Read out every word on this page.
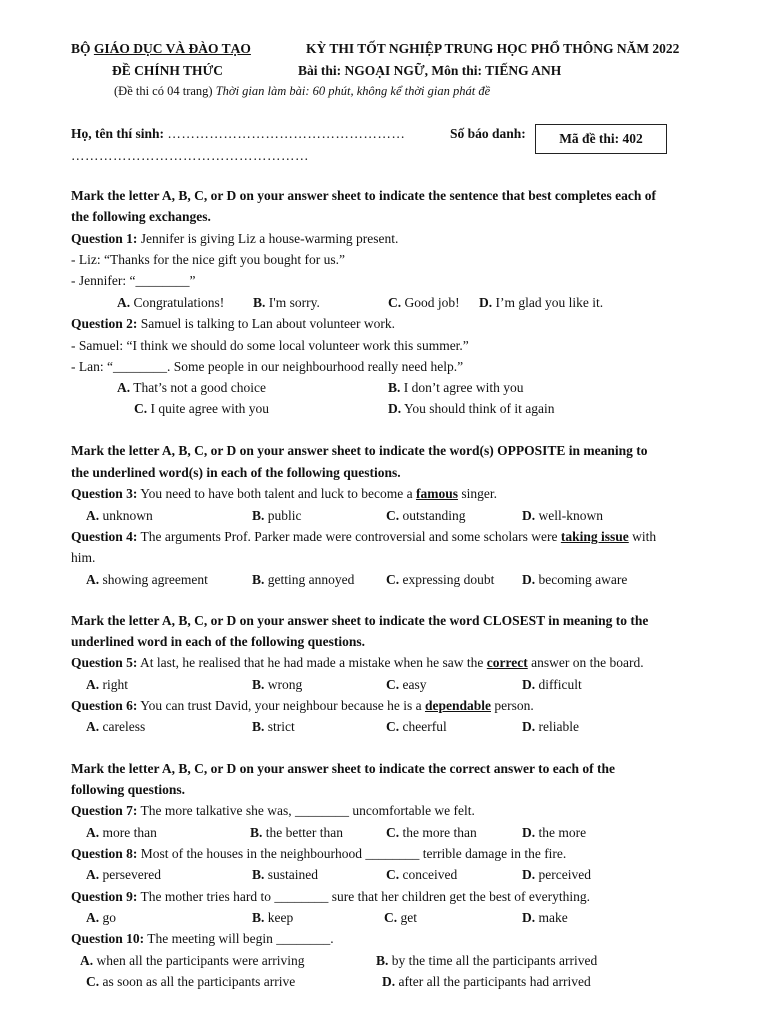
BỘ GIÁO DỤC VÀ ĐÀO TẠO	KỲ THI TỐT NGHIỆP TRUNG HỌC PHỔ THÔNG NĂM 2022
ĐỀ CHÍNH THỨC	Bài thi: NGOẠI NGỮ, Môn thi: TIẾNG ANH
(Đề thi có 04 trang) Thời gian làm bài: 60 phút, không kể thời gian phát đề
Họ, tên thí sinh: ……………………………………………	Số báo danh:	Mã đề thi: 402
……………………………………………
Mark the letter A, B, C, or D on your answer sheet to indicate the sentence that best completes each of
the following exchanges.
Question 1: Jennifer is giving Liz a house-warming present.
- Liz: “Thanks for the nice gift you bought for us.”
- Jennifer: “________”
A. Congratulations! B. I'm sorry.	C. Good job! D. I’m glad you like it.
Question 2: Samuel is talking to Lan about volunteer work.
- Samuel: “I think we should do some local volunteer work this summer.”
- Lan: “________. Some people in our neighbourhood really need help.”
A. That’s not a good choice	B. I don’t agree with you
C. I quite agree with you	D. You should think of it again
Mark the letter A, B, C, or D on your answer sheet to indicate the word(s) OPPOSITE in meaning to
the underlined word(s) in each of the following questions.
Question 3: You need to have both talent and luck to become a famous singer.
A. unknown	B. public	C. outstanding	D. well-known
Question 4: The arguments Prof. Parker made were controversial and some scholars were taking issue with
him.
A. showing agreement	B. getting annoyed C. expressing doubt D. becoming aware
Mark the letter A, B, C, or D on your answer sheet to indicate the word CLOSEST in meaning to the
underlined word in each of the following questions.
Question 5: At last, he realised that he had made a mistake when he saw the correct answer on the board.
A. right	B. wrong	C. easy	D. difficult
Question 6: You can trust David, your neighbour because he is a dependable person.
A. careless	B. strict	C. cheerful	D. reliable
Mark the letter A, B, C, or D on your answer sheet to indicate the correct answer to each of the
following questions.
Question 7: The more talkative she was, ________ uncomfortable we felt.
A. more than	B. the better than	C. the more than	D. the more
Question 8: Most of the houses in the neighbourhood ________ terrible damage in the fire.
A. persevered	B. sustained	C. conceived	D. perceived
Question 9: The mother tries hard to ________ sure that her children get the best of everything.
A. go	B. keep	C. get	D. make
Question 10: The meeting will begin ________.
A. when all the participants were arriving	B. by the time all the participants arrived
C. as soon as all the participants arrive	D. after all the participants had arrived
